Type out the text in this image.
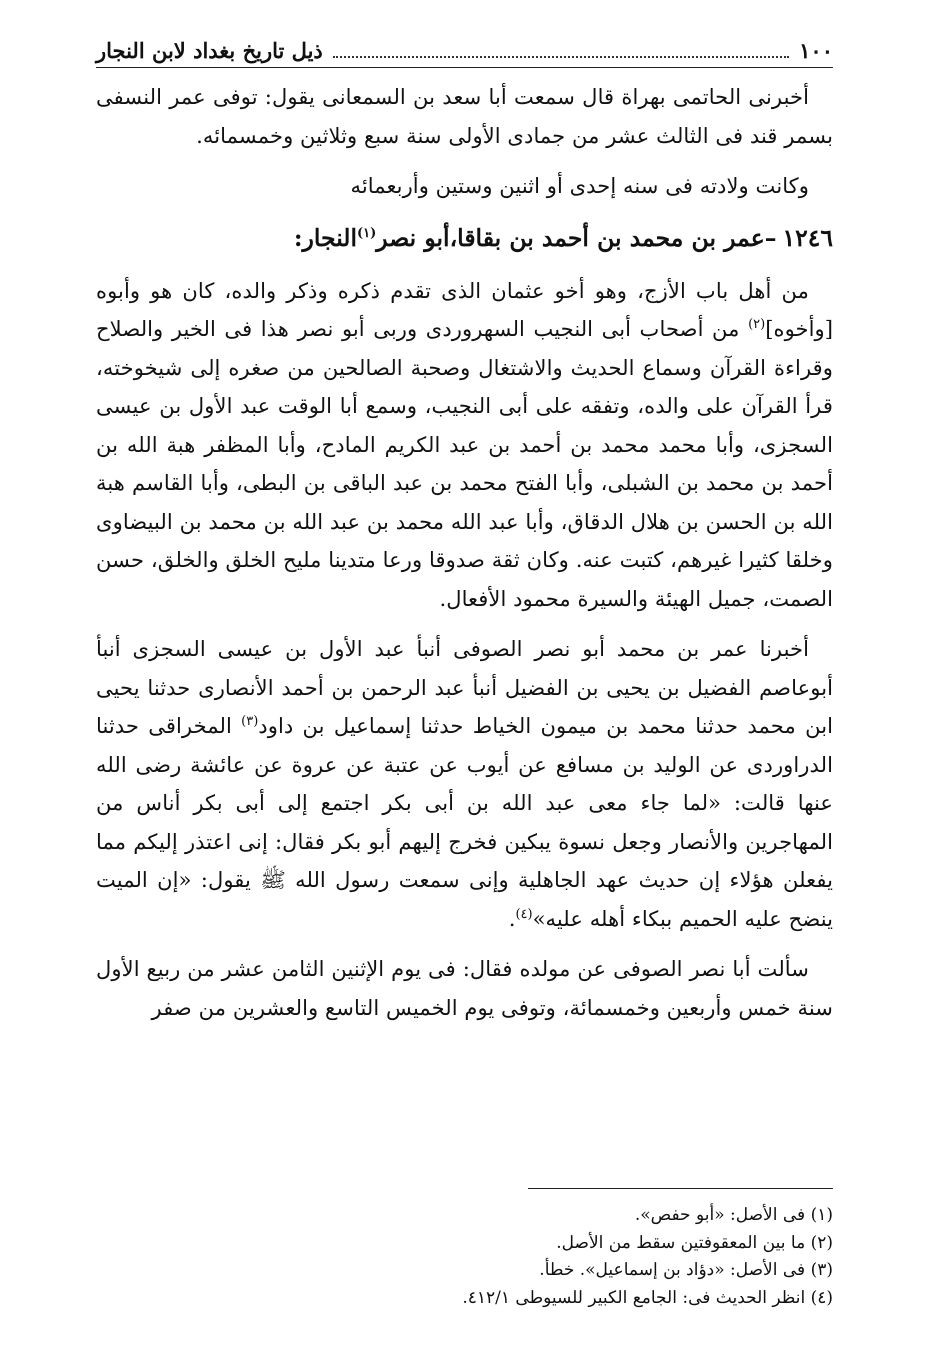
١٠٠
ذيل تاريخ بغداد لابن النجار

أخبرنى الحاتمى بهراة قال سمعت أبا سعد بن السمعانى يقول: توفى عمر النسفى بسمر قند فى الثالث عشر من جمادى الأولى سنة سبع وثلاثين وخمسمائه.

وكانت ولادته فى سنه إحدى أو اثنين وستين وأربعمائه

١٢٤٦–عمر بن محمد بن أحمد بن بقاقا،أبو نصر$^{(١)}$النجار:

من أهل باب الأزج، وهو أخو عثمان الذى تقدم ذكره وذكر والده، كان هو وأبوه [وأخوه]$^{(٢)}$ من أصحاب أبى النجيب السهروردى وربى أبو نصر هذا فى الخير والصلاح وقراءة القرآن وسماع الحديث والاشتغال وصحبة الصالحين من صغره إلى شيخوخته، قرأ القرآن على والده، وتفقه على أبى النجيب، وسمع أبا الوقت عبد الأول بن عيسى السجزى، وأبا محمد محمد بن أحمد بن عبد الكريم المادح، وأبا المظفر هبة الله بن أحمد بن محمد بن الشبلى، وأبا الفتح محمد بن عبد الباقى بن البطى، وأبا القاسم هبة الله بن الحسن بن هلال الدقاق، وأبا عبد الله محمد بن عبد الله بن محمد بن البيضاوى وخلقا كثيرا غيرهم، كتبت عنه. وكان ثقة صدوقا ورعا متدينا مليح الخلق والخلق، حسن الصمت، جميل الهيئة والسيرة محمود الأفعال.

أخبرنا عمر بن محمد أبو نصر الصوفى أنبأ عبد الأول بن عيسى السجزى أنبأ أبوعاصم الفضيل بن يحيى بن الفضيل أنبأ عبد الرحمن بن أحمد الأنصارى حدثنا يحيى ابن محمد حدثنا محمد بن ميمون الخياط حدثنا إسماعيل بن داود$^{(٣)}$ المخراقى حدثنا الدراوردى عن الوليد بن مسافع عن أيوب عن عتبة عن عروة عن عائشة رضى الله عنها قالت: «لما جاء معى عبد الله بن أبى بكر اجتمع إلى أبى بكر أناس من المهاجرين والأنصار وجعل نسوة يبكين فخرج إليهم أبو بكر فقال: إنى اعتذر إليكم مما يفعلن هؤلاء إن حديث عهد الجاهلية وإنى سمعت رسول الله ﷺ يقول: «إن الميت ينضح عليه الحميم ببكاء أهله عليه»$^{(٤)}$.

سألت أبا نصر الصوفى عن مولده فقال: فى يوم الإثنين الثامن عشر من ربيع الأول سنة خمس وأربعين وخمسمائة، وتوفى يوم الخميس التاسع والعشرين من صفر

(١) فى الأصل: «أبو حفص».

(٢) ما بين المعقوفتين سقط من الأصل.

(٣) فى الأصل: «دؤاد بن إسماعيل». خطأ.

(٤) انظر الحديث فى: الجامع الكبير للسيوطى ٤١٢/١.
